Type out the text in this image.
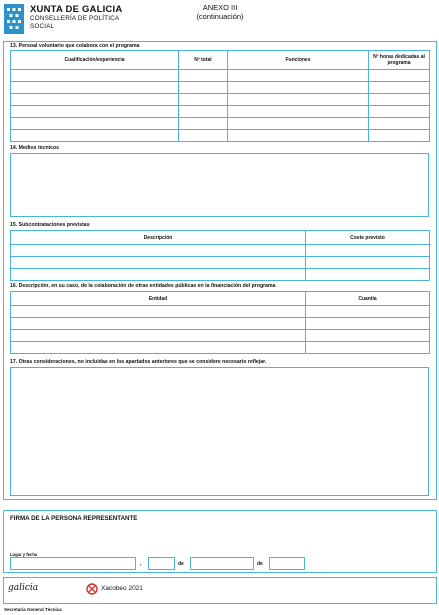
XUNTA DE GALICIA
CONSELLERÍA DE POLÍTICA
SOCIAL
ANEXO III
(continuación)
13. Persoal voluntario que colabora con el programa
Cualificación/experiencia	Nº total	Funciones	Nº horas dedicadas al programa

14. Medios técnicos
15. Subcontrataciones previstas
Descripción	Coste previsto

16. Descripción, en su caso, de la colaboración de otras entidades públicas en la financiación del programa
Entidad	Cuantía

17. Otras consideraciones, no incluidas en los apartados anteriores que se considere necesario reflejar.
FIRMA DE LA PERSONA REPRESENTANTE
Lugar y fecha
,	de	de
galicia	Xacobeo 2021
Secretaría General Técnica
